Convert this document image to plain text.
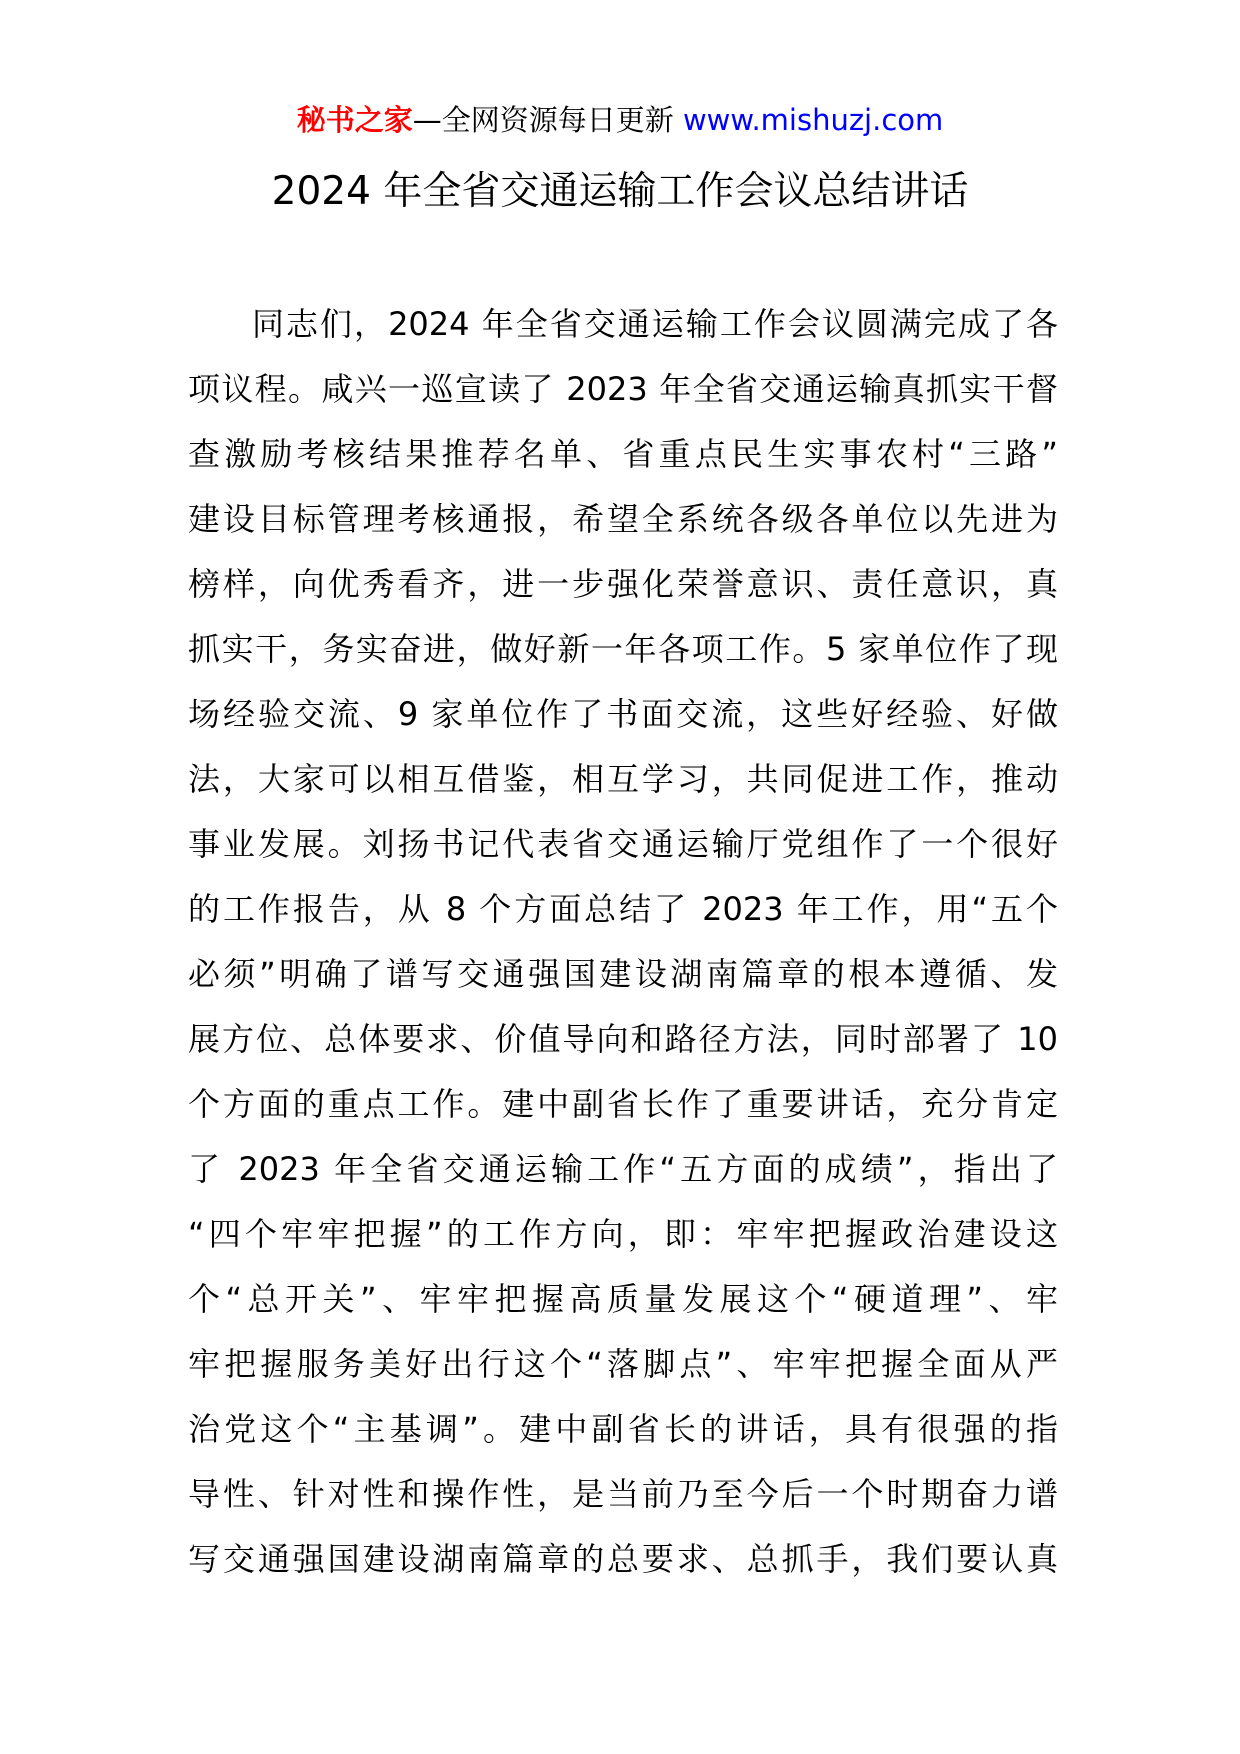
秘书之家—全网资源每日更新 www.mishuzj.com
2024 年全省交通运输工作会议总结讲话
同志们，2024 年全省交通运输工作会议圆满完成了各
项议程。咸兴一巡宣读了 2023 年全省交通运输真抓实干督
查激励考核结果推荐名单、省重点民生实事农村“三路”
建设目标管理考核通报，希望全系统各级各单位以先进为
榜样，向优秀看齐，进一步强化荣誉意识、责任意识，真
抓实干，务实奋进，做好新一年各项工作。5 家单位作了现
场经验交流、9 家单位作了书面交流，这些好经验、好做
法，大家可以相互借鉴，相互学习，共同促进工作，推动
事业发展。刘扬书记代表省交通运输厅党组作了一个很好
的工作报告，从 8 个方面总结了 2023 年工作，用“五个
必须”明确了谱写交通强国建设湖南篇章的根本遵循、发
展方位、总体要求、价值导向和路径方法，同时部署了 10
个方面的重点工作。建中副省长作了重要讲话，充分肯定
了 2023 年全省交通运输工作“五方面的成绩”，指出了
“四个牢牢把握”的工作方向，即：牢牢把握政治建设这
个“总开关”、牢牢把握高质量发展这个“硬道理”、牢
牢把握服务美好出行这个“落脚点”、牢牢把握全面从严
治党这个“主基调”。建中副省长的讲话，具有很强的指
导性、针对性和操作性，是当前乃至今后一个时期奋力谱
写交通强国建设湖南篇章的总要求、总抓手，我们要认真
